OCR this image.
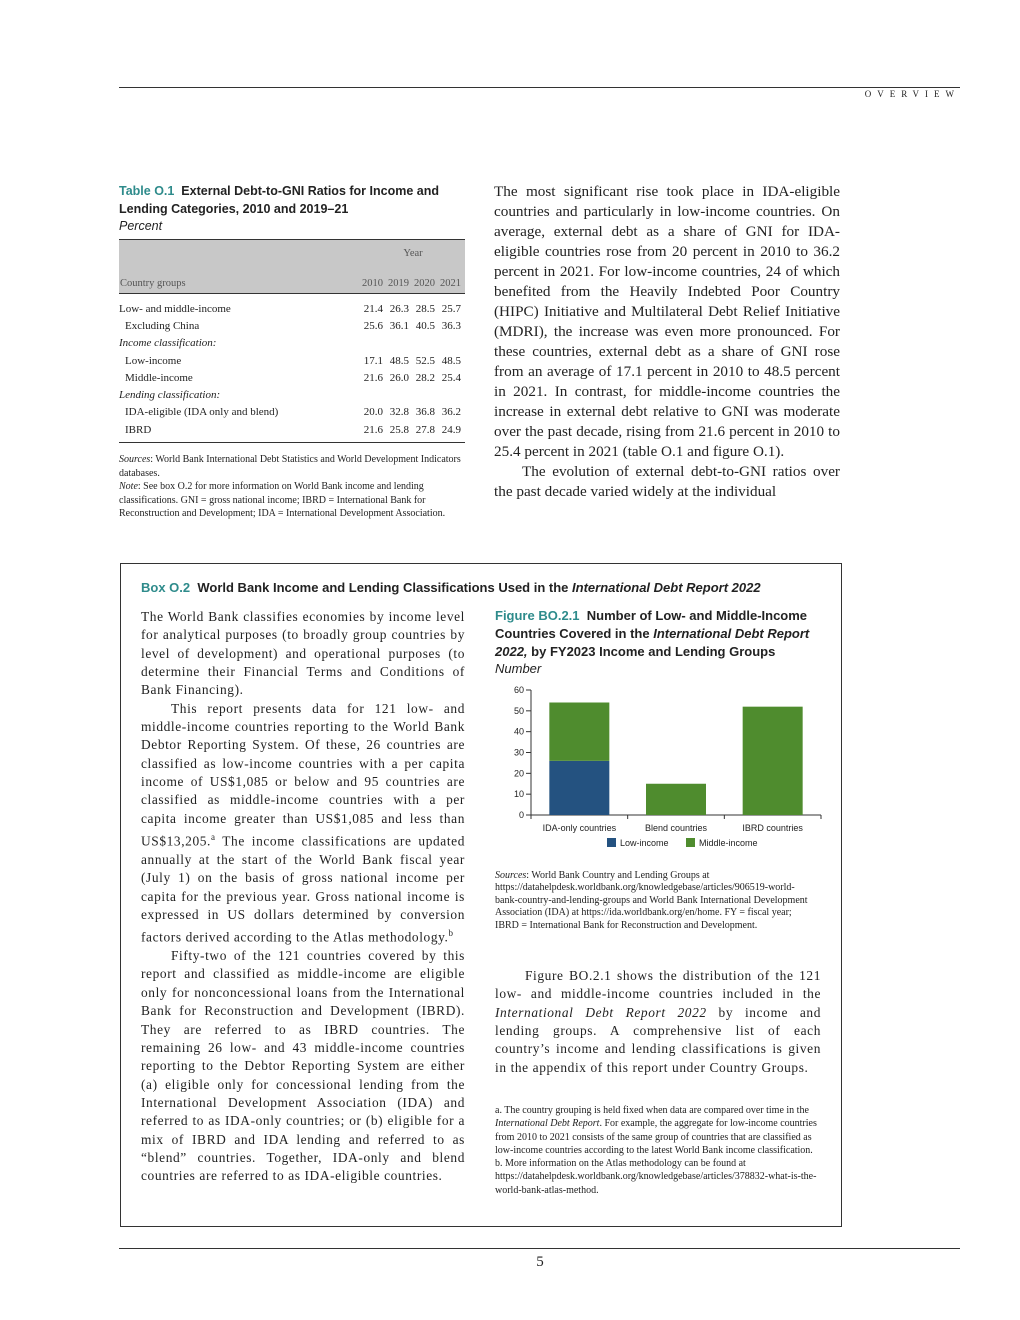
OVERVIEW
Table O.1 External Debt-to-GNI Ratios for Income and Lending Categories, 2010 and 2019–21
Percent
	Year			
Country groups	2010	2019	2020	2021
Low- and middle-income	21.4	26.3	28.5	25.7
Excluding China	25.6	36.1	40.5	36.3
Income classification:				
Low-income	17.1	48.5	52.5	48.5
Middle-income	21.6	26.0	28.2	25.4
Lending classification:				
IDA-eligible (IDA only and blend)	20.0	32.8	36.8	36.2
IBRD	21.6	25.8	27.8	24.9
Sources: World Bank International Debt Statistics and World Development Indicators databases.
Note: See box O.2 for more information on World Bank income and lending classifications. GNI = gross national income; IBRD = International Bank for Reconstruction and Development; IDA = International Development Association.

The most significant rise took place in IDA-eligible countries and particularly in low-income countries. On average, external debt as a share of GNI for IDA-eligible countries rose from 20 percent in 2010 to 36.2 percent in 2021. For low-income countries, 24 of which benefited from the Heavily Indebted Poor Country (HIPC) Initiative and Multilateral Debt Relief Initiative (MDRI), the increase was even more pronounced. For these countries, external debt as a share of GNI rose from an average of 17.1 percent in 2010 to 48.5 percent in 2021. In contrast, for middle-income countries the increase in external debt relative to GNI was moderate over the past decade, rising from 21.6 percent in 2010 to 25.4 percent in 2021 (table O.1 and figure O.1).

The evolution of external debt-to-GNI ratios over the past decade varied widely at the individual

Box O.2 World Bank Income and Lending Classifications Used in the International Debt Report 2022

The World Bank classifies economies by income level for analytical purposes (to broadly group countries by level of development) and operational purposes (to determine their Financial Terms and Conditions of Bank Financing).

This report presents data for 121 low- and middle-income countries reporting to the World Bank Debtor Reporting System. Of these, 26 countries are classified as low-income countries with a per capita income of US$1,085 or below and 95 countries are classified as middle-income countries with a per capita income greater than US$1,085 and less than US$13,205.$^a$ The income classifications are updated annually at the start of the World Bank fiscal year (July 1) on the basis of gross national income per capita for the previous year. Gross national income is expressed in US dollars determined by conversion factors derived according to the Atlas methodology.$^b$

Fifty-two of the 121 countries covered by this report and classified as middle-income are eligible only for nonconcessional loans from the International Bank for Reconstruction and Development (IBRD). They are referred to as IBRD countries. The remaining 26 low- and 43 middle-income countries reporting to the Debtor Reporting System are either (a) eligible only for concessional lending from the International Development Association (IDA) and referred to as IDA-only countries; or (b) eligible for a mix of IBRD and IDA lending and referred to as “blend” countries. Together, IDA-only and blend countries are referred to as IDA-eligible countries.

Figure BO.2.1 Number of Low- and Middle-Income Countries Covered in the International Debt Report 2022, by FY2023 Income and Lending Groups
Number
0
10
20
30
40
50
60
IDA-only countries	Blend countries	IBRD countries
Low-income	Middle-income
Sources: World Bank Country and Lending Groups at https://datahelpdesk.worldbank.org/knowledgebase/articles/906519-world-bank-country-and-lending-groups and World Bank International Development Association (IDA) at https://ida.worldbank.org/en/home. FY = fiscal year; IBRD = International Bank for Reconstruction and Development.

Figure BO.2.1 shows the distribution of the 121 low- and middle-income countries included in the International Debt Report 2022 by income and lending groups. A comprehensive list of each country’s income and lending classifications is given in the appendix of this report under Country Groups.

a. The country grouping is held fixed when data are compared over time in the International Debt Report. For example, the aggregate for low-income countries from 2010 to 2021 consists of the same group of countries that are classified as low-income countries according to the latest World Bank income classification.

b. More information on the Atlas methodology can be found at https://datahelpdesk.worldbank.org/knowledgebase/articles/378832-what-is-the-world-bank-atlas-method.

5
